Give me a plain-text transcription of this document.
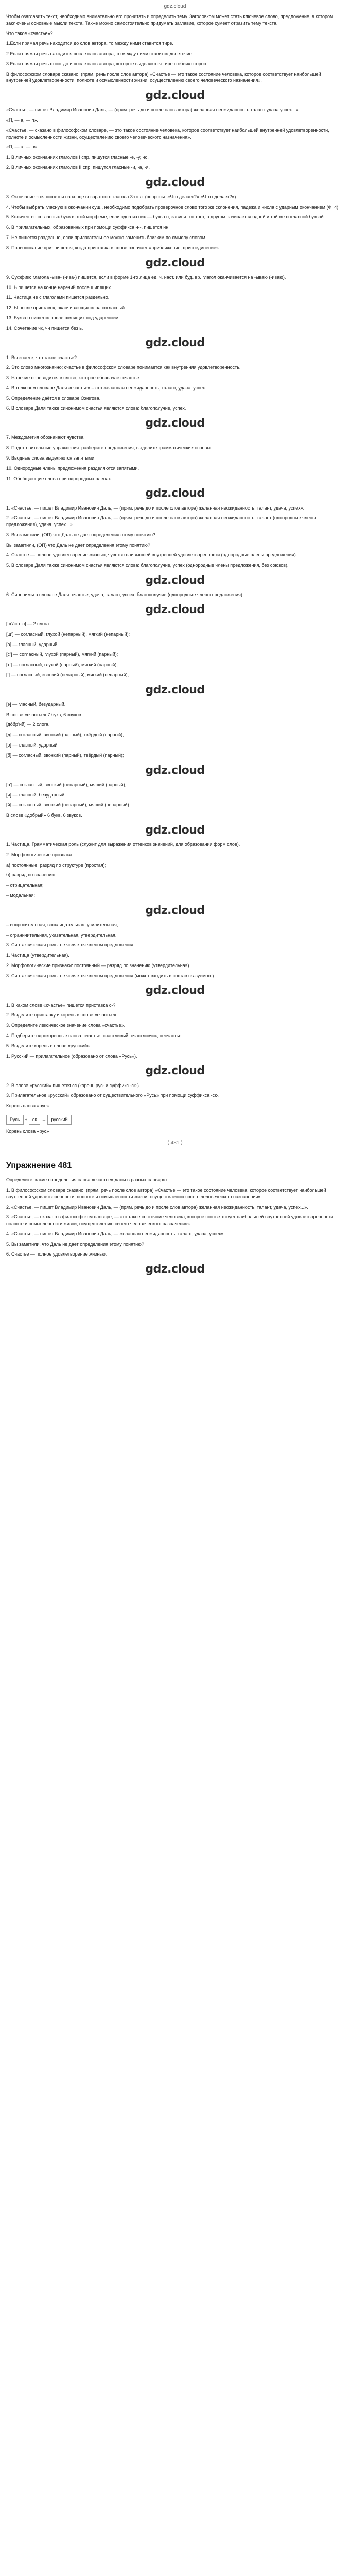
gdz.cloud

Чтобы озаглавить текст, необходимо внимательно его прочитать и определить тему. Заголовком может стать ключевое слово, предложение, в котором заключены основные мысли текста. Также можно самостоятельно придумать заглавие, которое сумеет отразить тему текста.

Что такое «счастье»?

1.Если прямая речь находится до слов автора, то между ними ставится тире.

2.Если прямая речь находится после слов автора, то между ними ставится двоеточие.

3.Если прямая речь стоит до и после слов автора, которые выделяются тире с обеих сторон:

В философском словаре сказано: (прям. речь после слов автора) «Счастье — это такое состояние человека, которое соответствует наибольшей внутренней удовлетворенности, полноте и осмысленности жизни, осуществлению своего человеческого назначения».

gdz.cloud

«Счастье, — пишет Владимир Иванович Даль, — (прям. речь до и после слов автора) желанная неожиданность талант удача успех...».

«П, — а, — п».

«Счастье, — сказано в философском словаре, — это такое состояние человека, которое соответствует наибольшей внутренней удовлетворенности, полноте и осмысленности жизни, осуществлению своего человеческого назначения».

«П, — а: — п».

1. В личных окончаниях глаголов I спр. пишутся гласные -е, -у, -ю.

2. В личных окончаниях глаголов II спр. пишутся гласные -и, -а, -я.

gdz.cloud

3. Окончание -тся пишется на конце возвратного глагола 3-го л. (вопросы: «Что делает?» «Что сделает?»).

4. Чтобы выбрать гласную в окончании сущ., необходимо подобрать проверочное слово того же склонения, падежа и числа с ударным окончанием (Ф. 4).

5. Количество согласных букв в этой морфеме, если одна из них — буква н, зависит от того, в другом начинается одной и той же согласной буквой.

6. В прилагательных, образованных при помощи суффикса -н-, пишется нн.

7. Не пишется раздельно, если прилагательное можно заменить близким по смыслу словом.

8. Правописание при- пишется, когда приставка в слове означает «приближение, присоединение».

gdz.cloud

9. Суффикс глагола -ыва- (-ива-) пишется, если в форме 1-го лица ед. ч. наст. или буд. вр. глагол оканчивается на -ываю (-иваю).

10. Ь пишется на конце наречий после шипящих.

11. Частица не с глаголами пишется раздельно.

12. Ы после приставок, оканчивающихся на согласный.

13. Буква о пишется после шипящих под ударением.

14. Сочетание чк, чн пишется без ь.

gdz.cloud

1. Вы знаете, что такое счастье?

2. Это слово многозначно; счастье в философском словаре понимается как внутренняя удовлетворенность.

3. Наречие переводится в слово, которое обозначает счастье.

4. В толковом словаре Даля «счастье» – это желанная неожиданность, талант, удача, успех.

5. Определение даётся в словаре Ожегова.

6. В словаре Даля также синонимом счастья являются слова: благополучие, успех.

gdz.cloud

7. Междометия обозначают чувства.

8. Подготовительные упражнения: разберите предложения, выделите грамматические основы.

9. Вводные слова выделяются запятыми.

10. Однородные члены предложения разделяются запятыми.

11. Обобщающие слова при однородных членах.

gdz.cloud

1. «Счастье, — пишет Владимир Иванович Даль, — (прям. речь до и после слов автора) желанная неожиданность, талант, удача, успех».

2. «Счастье, — пишет Владимир Иванович Даль, — (прям. речь до и после слов автора) желанная неожиданность, талант (однородные члены предложения), удача, успех...».

3. Вы заметили, (ОП) что Даль не дает определения этому понятию?

Вы заметили, (ОП) что Даль не дает определения этому понятию?

4. Счастье — полное удовлетворение жизнью, чувство наивысшей внутренней удовлетворенности (однородные члены предложения).

5. В словаре Даля также синонимом счастья являются слова: благополучие, успех (однородные члены предложения, без союзов).

gdz.cloud

6. Синонимы в словаре Даля: счастье, удача, талант, успех, благополучие (однородные члены предложения).

gdz.cloud

[щ’а́с’т’jэ] — 2 слога.

[щ’] — согласный, глухой (непарный), мягкий (непарный);

[а] — гласный, ударный;

[с’] — согласный, глухой (парный), мягкий (парный);

[т’] — согласный, глухой (парный), мягкий (парный);

[j] — согласный, звонкий (непарный), мягкий (непарный);

gdz.cloud

[э] — гласный, безударный.

В слове «счастье» 7 букв, 6 звуков.

[до́бр’ий] — 2 слога.

[д] — согласный, звонкий (парный), твёрдый (парный);

[о] — гласный, ударный;

[б] — согласный, звонкий (парный), твёрдый (парный);

gdz.cloud

[р’] — согласный, звонкий (непарный), мягкий (парный);

[и] — гласный, безударный;

[й] — согласный, звонкий (непарный), мягкий (непарный).

В слове «добрый» 6 букв, 6 звуков.

gdz.cloud

1. Частица. Грамматическая роль (служит для выражения оттенков значений, для образования форм слов).

2. Морфологические признаки:

а) постоянные: разряд по структуре (простая);

б) разряд по значению:

– отрицательная;

– модальная;

gdz.cloud

– вопросительная, восклицательная, усилительная;

– ограничительная, указательная, утвердительная.

3. Синтаксическая роль: не является членом предложения.

1. Частица (утвердительная).

2. Морфологические признаки: постоянный — разряд по значению (утвердительная).

3. Синтаксическая роль: не является членом предложения (может входить в состав сказуемого).

gdz.cloud

1. В каком слове «счастье» пишется приставка с-?

2. Выделите приставку и корень в слове «счастье».

3. Определите лексическое значение слова «счастье».

4. Подберите однокоренные слова: счастье, счастливый, счастливчик, несчастье.

5. Выделите корень в слове «русский».

1. Русский — прилагательное (образовано от слова «Русь»).

gdz.cloud

2. В слове «русский» пишется сс (корень рус- и суффикс -ск-).

3. Прилагательное «русский» образовано от существительного «Русь» при помощи суффикса -ск-.

Корень слова «рус».

Русь + ск → русский
Корень слова «рус»
⟨ 481 ⟩
Упражнение 481

Определите, какие определения слова «счастье» даны в разных словарях.

1. В философском словаре сказано: (прям. речь после слов автора) «Счастье — это такое состояние человека, которое соответствует наибольшей внутренней удовлетворенности, полноте и осмысленности жизни, осуществлению своего человеческого назначения».

2. «Счастье, — пишет Владимир Иванович Даль, — (прям. речь до и после слов автора) желанная неожиданность, талант, удача, успех...».

3. «Счастье, — сказано в философском словаре, — это такое состояние человека, которое соответствует наибольшей внутренней удовлетворенности, полноте и осмысленности жизни, осуществлению своего человеческого назначения».

4. «Счастье, — пишет Владимир Иванович Даль, — желанная неожиданность, талант, удача, успех».

5. Вы заметили, что Даль не дает определения этому понятию?

6. Счастье — полное удовлетворение жизнью.

gdz.cloud
